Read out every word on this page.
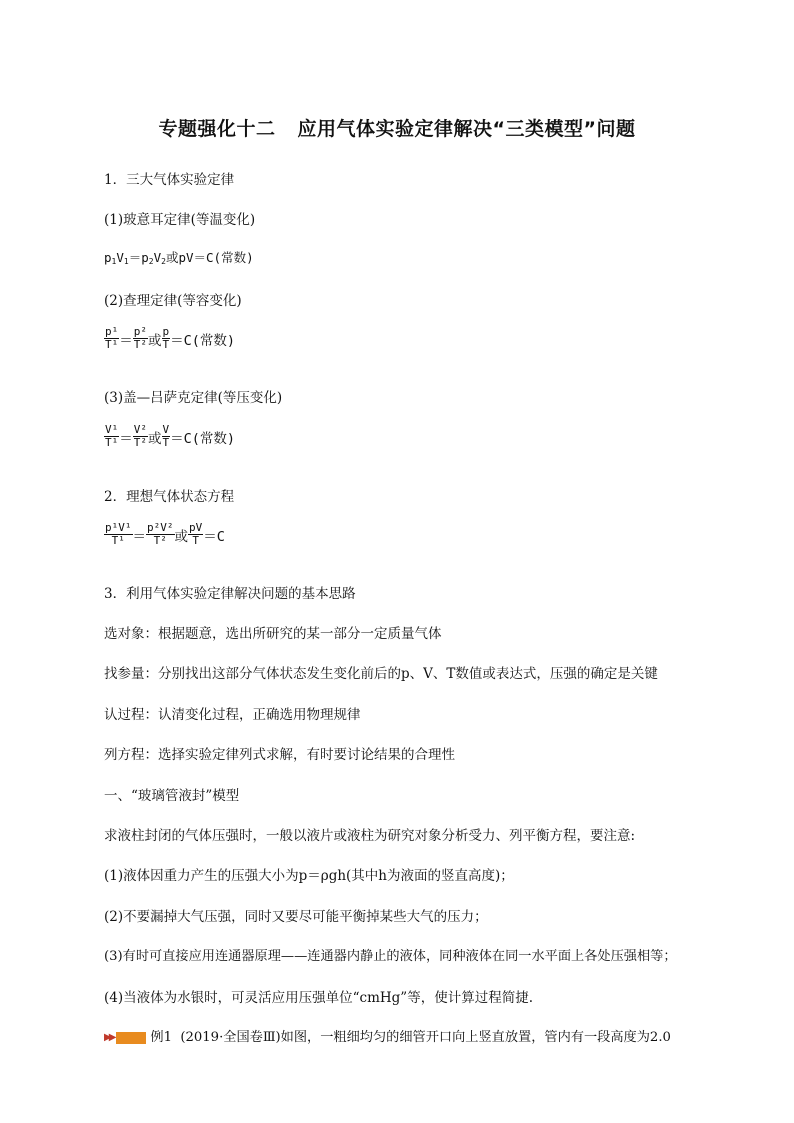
专题强化十二 应用气体实验定律解决“三类模型”问题
1．三大气体实验定律
(1)玻意耳定律(等温变化)
$p_1V_1=p_2V_2$或pV＝C(常数)
(2)查理定律(等容变化)
$\frac{\text{p¹}}{\text{T¹}} = \frac{\text{p²}}{\text{T²}}$ 或 $\frac{p}{T} =C$(常数)
(3)盖—吕萨克定律(等压变化)
$\frac{\text{V¹}}{\text{T¹}} = \frac{\text{V²}}{\text{T²}}$ 或 $\frac{V}{T} =C$(常数)
2．理想气体状态方程
$\frac{\text{p¹V¹}}{\text{T¹}} = \frac{\text{p²V²}}{\text{T²}}$ 或 $\frac{pV}{T} =C$
3．利用气体实验定律解决问题的基本思路
选对象：根据题意，选出所研究的某一部分一定质量气体
找参量：分别找出这部分气体状态发生变化前后的p、V、T数值或表达式，压强的确定是关键
认过程：认清变化过程，正确选用物理规律
列方程：选择实验定律列式求解，有时要讨论结果的合理性
一、“玻璃管液封”模型
求液柱封闭的气体压强时，一般以液片或液柱为研究对象分析受力、列平衡方程，要注意:
(1)液体因重力产生的压强大小为p＝ρgh(其中h为液面的竖直高度)；
(2)不要漏掉大气压强，同时又要尽可能平衡掉某些大气的压力；
(3)有时可直接应用连通器原理——连通器内静止的液体，同种液体在同一水平面上各处压强相等；
(4)当液体为水银时，可灵活应用压强单位“cmHg”等，使计算过程简捷.
▶▶	例1 (2019·全国卷Ⅲ)如图，一粗细均匀的细管开口向上竖直放置，管内有一段高度为2.0
